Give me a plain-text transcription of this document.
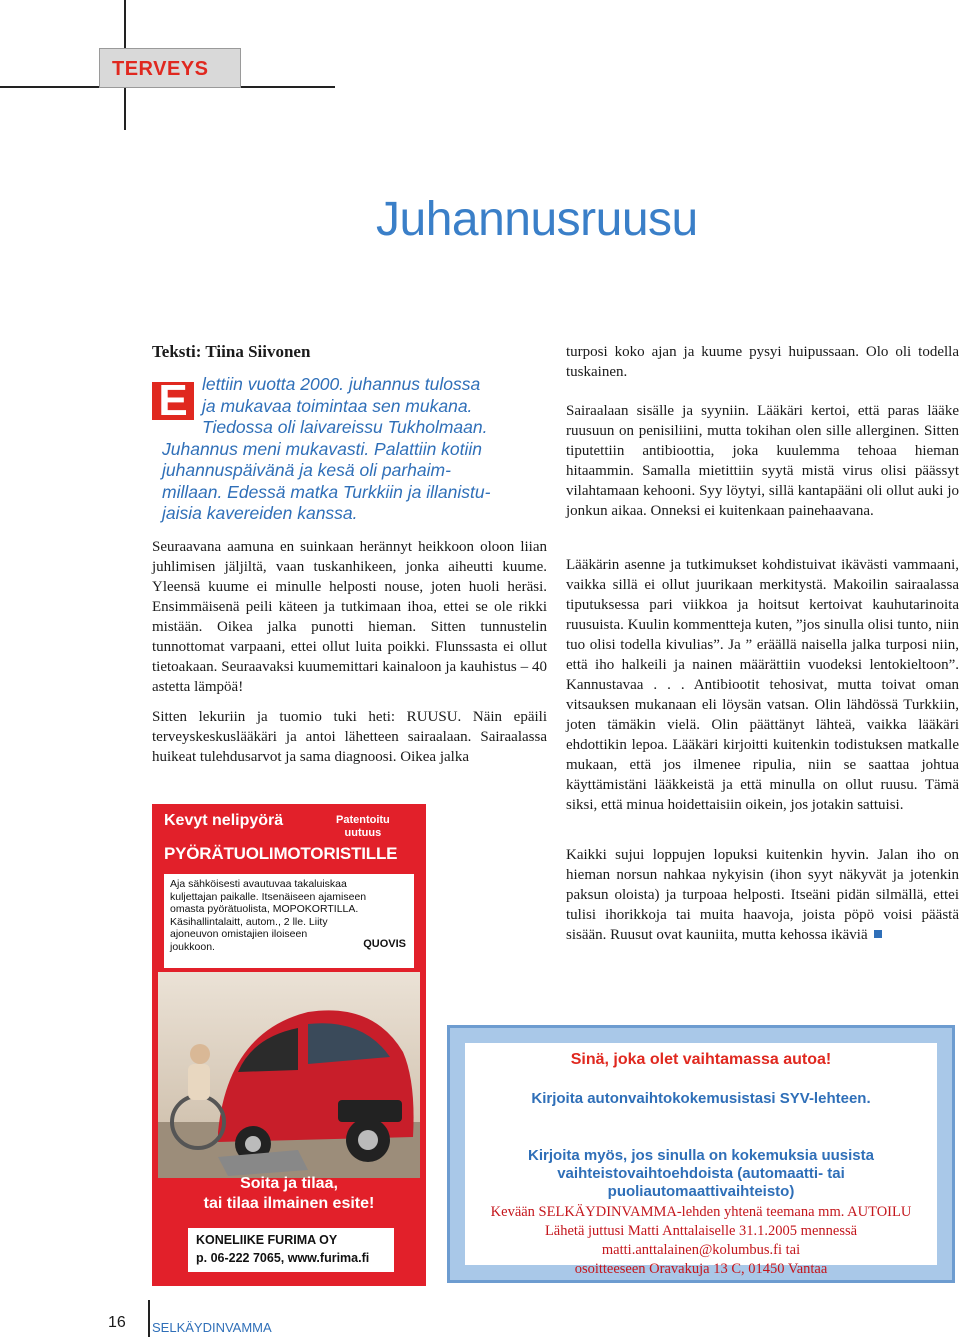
TERVEYS
Juhannusruusu
Teksti: Tiina Siivonen
E lettiin vuotta 2000. juhannus tulossa
ja mukavaa toimintaa sen mukana.
Tiedossa oli laivareissu Tukholmaan.
Juhannus meni mukavasti. Palattiin kotiin
juhannuspäivänä ja kesä oli parhaim-
millaan. Edessä matka Turkkiin ja illanistu-
jaisia kavereiden kanssa.

Seuraavana aamuna en suinkaan herännyt heikkoon oloon liian juhlimisen jäljiltä, vaan tuskanhikeen, jonka aiheutti kuume. Yleensä kuume ei minulle helposti nouse, joten huoli heräsi. Ensimmäisenä peili käteen ja tutkimaan ihoa, ettei se ole rikki mistään. Oikea jalka punotti hieman. Sitten tunnustelin tunnottomat varpaani, ettei ollut luita poikki. Flunssasta ei ollut tietoakaan. Seuraavaksi kuumemittari kainaloon ja kauhistus – 40 astetta lämpöä!

Sitten lekuriin ja tuomio tuki heti: RUUSU. Näin epäili terveyskeskuslääkäri ja antoi lähetteen sairaalaan. Sairaalassa huikeat tulehdusarvot ja sama diagnoosi. Oikea jalka

turposi koko ajan ja kuume pysyi huipussaan. Olo oli todella tuskainen.

Sairaalaan sisälle ja syyniin. Lääkäri kertoi, että paras lääke ruusuun on penisiliini, mutta tokihan olen sille allerginen. Sitten tiputettiin antibioottia, joka kuulemma tehoaa hieman hitaammin. Samalla mietittiin syytä mistä virus olisi päässyt vilahtamaan kehooni. Syy löytyi, sillä kantapääni oli ollut auki jo jonkun aikaa. Onneksi ei kuitenkaan painehaavana.

Lääkärin asenne ja tutkimukset kohdistuivat ikävästi vammaani, vaikka sillä ei ollut juurikaan merkitystä. Makoilin sairaalassa tiputuksessa pari viikkoa ja hoitsut kertoivat kauhutarinoita ruusuista. Kuulin kommentteja kuten, ”jos sinulla olisi tunto, niin tuo olisi todella kivulias”. Ja ” eräällä naisella jalka turposi niin, että iho halkeili ja nainen määrättiin vuodeksi lentokieltoon”. Kannustavaa . . . Antibiootit tehosivat, mutta toivat oman vitsauksen mukanaan eli löysän vatsan. Olin lähdössä Turkkiin, joten tämäkin vielä. Olin päättänyt lähteä, vaikka lääkäri ehdottikin lepoa. Lääkäri kirjoitti kuitenkin todistuksen matkalle mukaan, että jos ilmenee ripulia, niin se saattaa johtua käyttämistäni lääkkeistä ja että minulla on ollut ruusu. Tämä siksi, että minua hoidettaisiin oikein, jos jotakin sattuisi.

Kaikki sujui loppujen lopuksi kuitenkin hyvin. Jalan iho on hieman norsun nahkaa nykyisin (ihon syyt näkyvät ja jotenkin paksun oloista) ja turpoaa helposti. Itseäni pidän silmällä, ettei tulisi ihorikkoja tai muita haavoja, joista pöpö voisi päästä sisään. Ruusut ovat kauniita, mutta kehossa ikäviä

Kevyt nelipyörä	Patentoitu
uutuus
PYÖRÄTUOLIMOTORISTILLE
Aja sähköisesti avautuvaa takaluiskaa
kuljettajan paikalle. Itsenäiseen ajamiseen
omasta pyörätuolista, MOPOKORTILLA.
Käsihallintalaitt, autom., 2 lle. Liity
ajoneuvon omistajien iloiseen
joukkoon.	QUOVIS
Soita ja tilaa,
tai tilaa ilmainen esite!
KONELIIKE FURIMA OY
p. 06-222 7065, www.furima.fi
Sinä, joka olet vaihtamassa autoa!
Kirjoita autonvaihtokokemusistasi SYV-lehteen.
Kirjoita myös, jos sinulla on kokemuksia uusista vaihteistovaihtoehdoista (automaatti- tai puoliautomaattivaihteisto)
Kevään SELKÄYDINVAMMA-lehden yhtenä teemana mm. AUTOILU
Lähetä juttusi Matti Anttalaiselle 31.1.2005 mennessä
matti.anttalainen@kolumbus.fi tai
osoitteeseen Oravakuja 13 C, 01450 Vantaa
16 SELKÄYDINVAMMA
